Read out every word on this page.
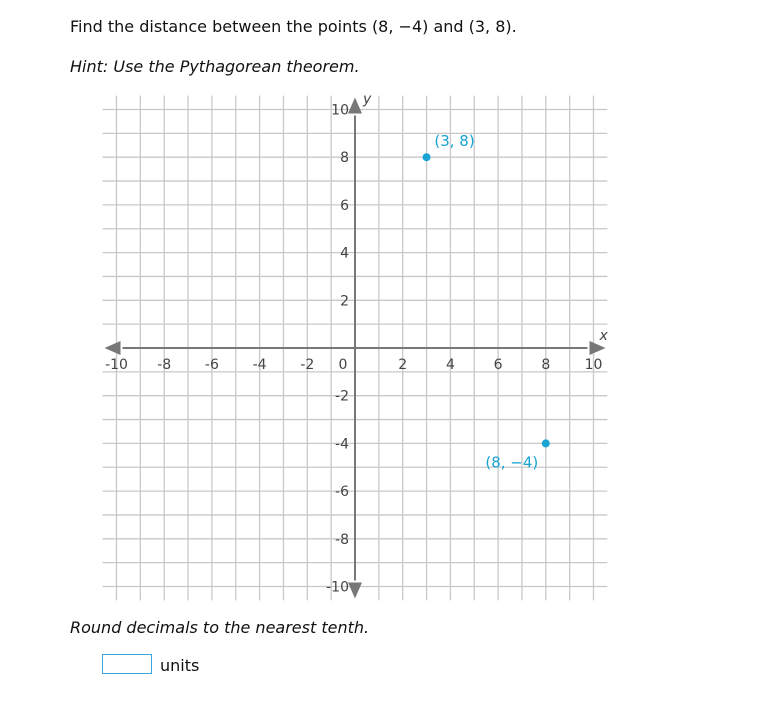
Find the distance between the points (8, −4) and (3, 8).
Hint: Use the Pythagorean theorem.
x
y
-10 -8 -6 -4 -2 0	2	4	6	8 10
10
8
6
4
2
-2
-4
-6
-8
-10
(3, 8)
(8, −4)
Round decimals to the nearest tenth.
units
